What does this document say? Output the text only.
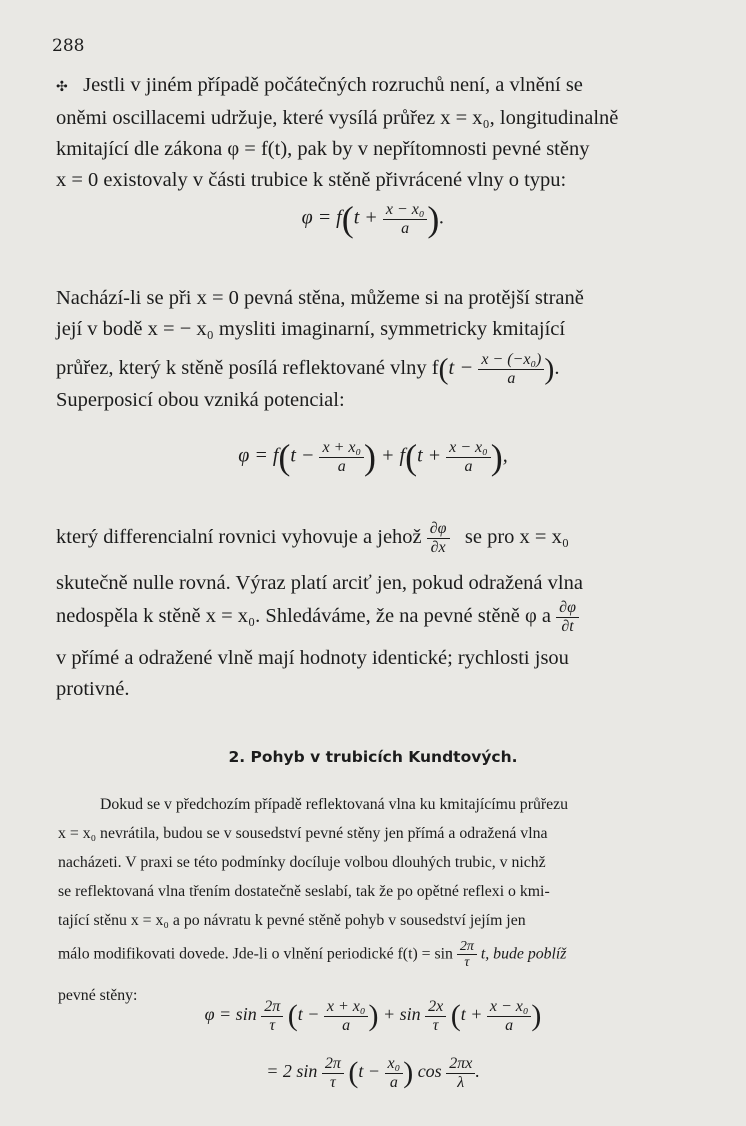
288
✣ Jestli v jiném případě počátečných rozruchů není, a vlnění se
oněmi oscillacemi udržuje, které vysílá průřez x = x₀, longitudinalně
kmitající dle zákona φ = f(t), pak by v nepřítomnosti pevné stěny
x = 0 existovaly v části trubice k stěně přivrácené vlny o typu:
$\varphi = f(t + \frac{\text{x − x₀}}{a}$ ).
Nachází-li se při x = 0 pevná stěna, můžeme si na protější straně
její v bodě x = − x₀ mysliti imaginarní, symmetricky kmitající
průřez, který k stěně posílá reflektované vlny $f(t - \frac{\text{x − (−x₀)}}{a}$ ).
Superposicí obou vzniká potencial:
$\varphi = f(t - \frac{\text{x + x₀}}{a}$ ) + $f(t + \frac{\text{x − x₀}}{a}$ ),
který differencialní rovnici vyhovuje a jehož $\frac{\partial\varphi}{\partial x}$ se pro x = x₀
skutečně nulle rovná. Výraz platí arciť jen, pokud odražená vlna
nedospěla k stěně x = x₀. Shledáváme, že na pevné stěně φ a $\frac{\partial\varphi}{\partial t}$
v přímé a odražené vlně mají hodnoty identické; rychlosti jsou
protivné.
2. Pohyb v trubicích Kundtových.
Dokud se v předchozím případě reflektovaná vlna ku kmitajícímu průřezu
x = x₀ nevrátila, budou se v sousedství pevné stěny jen přímá a odražená vlna
nacházeti. V praxi se této podmínky docíluje volbou dlouhých trubic, v nichž
se reflektovaná vlna třením dostatečně seslabí, tak že po opětné reflexi o kmi-
tající stěnu x = x₀ a po návratu k pevné stěně pohyb v sousedství jejím jen
málo modifikovati dovede. Jde-li o vlnění periodické $f(t) = \sin \frac{2\pi}{\tau} t$, bude poblíž
pevné stěny:
$\varphi = \sin \frac{2\pi}{\tau} (t - \frac{\text{x + x₀}}{a}$ ) + $\sin \frac{2x}{\tau} (t + \frac{\text{x − x₀}}{a}$ )
= 2 $\sin \frac{2\pi}{\tau} (t - \frac{\text{x₀}}{a}$ ) $\cos \frac{2\pi x}{\lambda}$ .
